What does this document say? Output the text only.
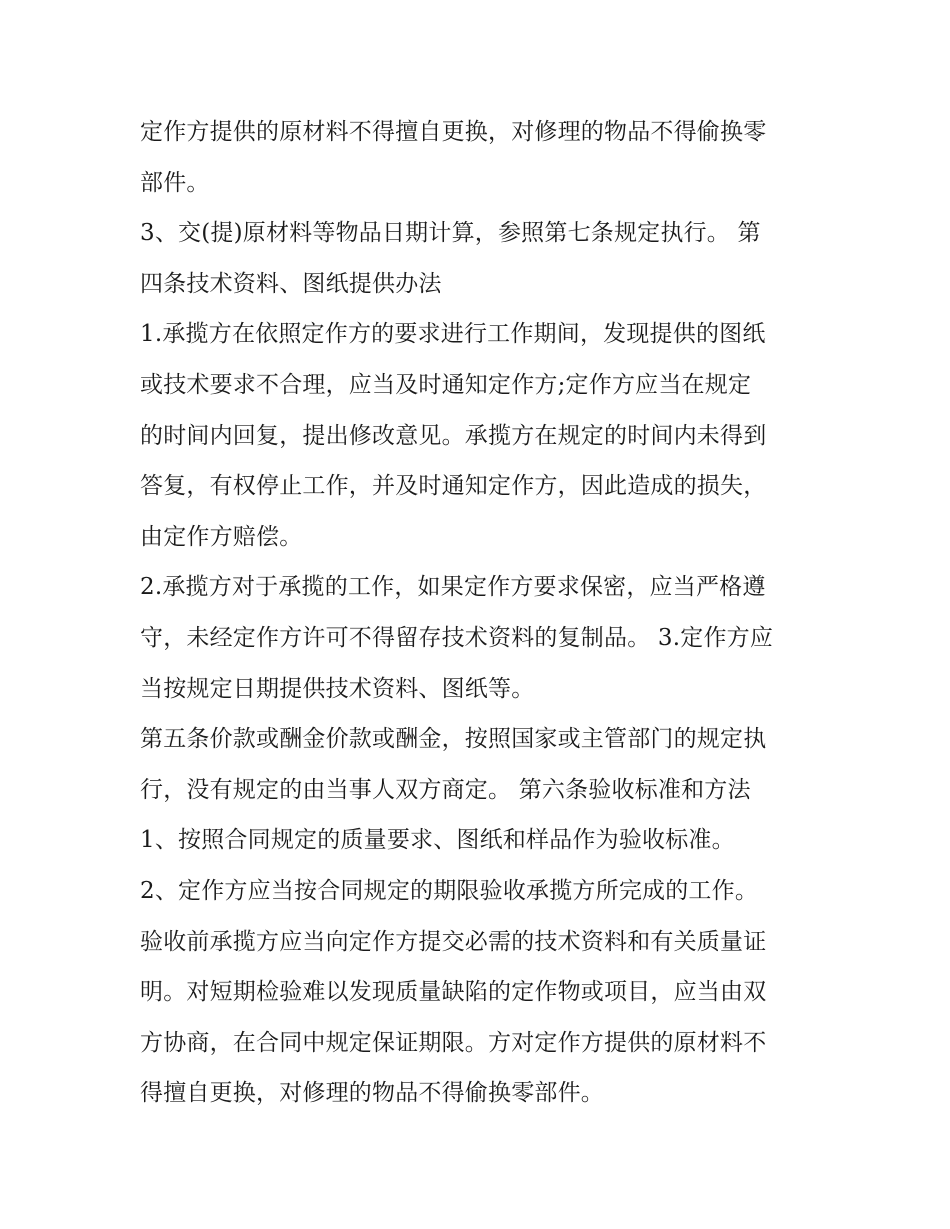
定作方提供的原材料不得擅自更换，对修理的物品不得偷换零
部件。
3、交(提)原材料等物品日期计算，参照第七条规定执行。 第
四条技术资料、图纸提供办法
1.承揽方在依照定作方的要求进行工作期间，发现提供的图纸
或技术要求不合理，应当及时通知定作方;定作方应当在规定
的时间内回复，提出修改意见。承揽方在规定的时间内未得到
答复，有权停止工作，并及时通知定作方，因此造成的损失，
由定作方赔偿。
2.承揽方对于承揽的工作，如果定作方要求保密，应当严格遵
守，未经定作方许可不得留存技术资料的复制品。 3.定作方应
当按规定日期提供技术资料、图纸等。
第五条价款或酬金价款或酬金，按照国家或主管部门的规定执
行，没有规定的由当事人双方商定。 第六条验收标准和方法
1、按照合同规定的质量要求、图纸和样品作为验收标准。
2、定作方应当按合同规定的期限验收承揽方所完成的工作。
验收前承揽方应当向定作方提交必需的技术资料和有关质量证
明。对短期检验难以发现质量缺陷的定作物或项目，应当由双
方协商，在合同中规定保证期限。方对定作方提供的原材料不
得擅自更换，对修理的物品不得偷换零部件。
